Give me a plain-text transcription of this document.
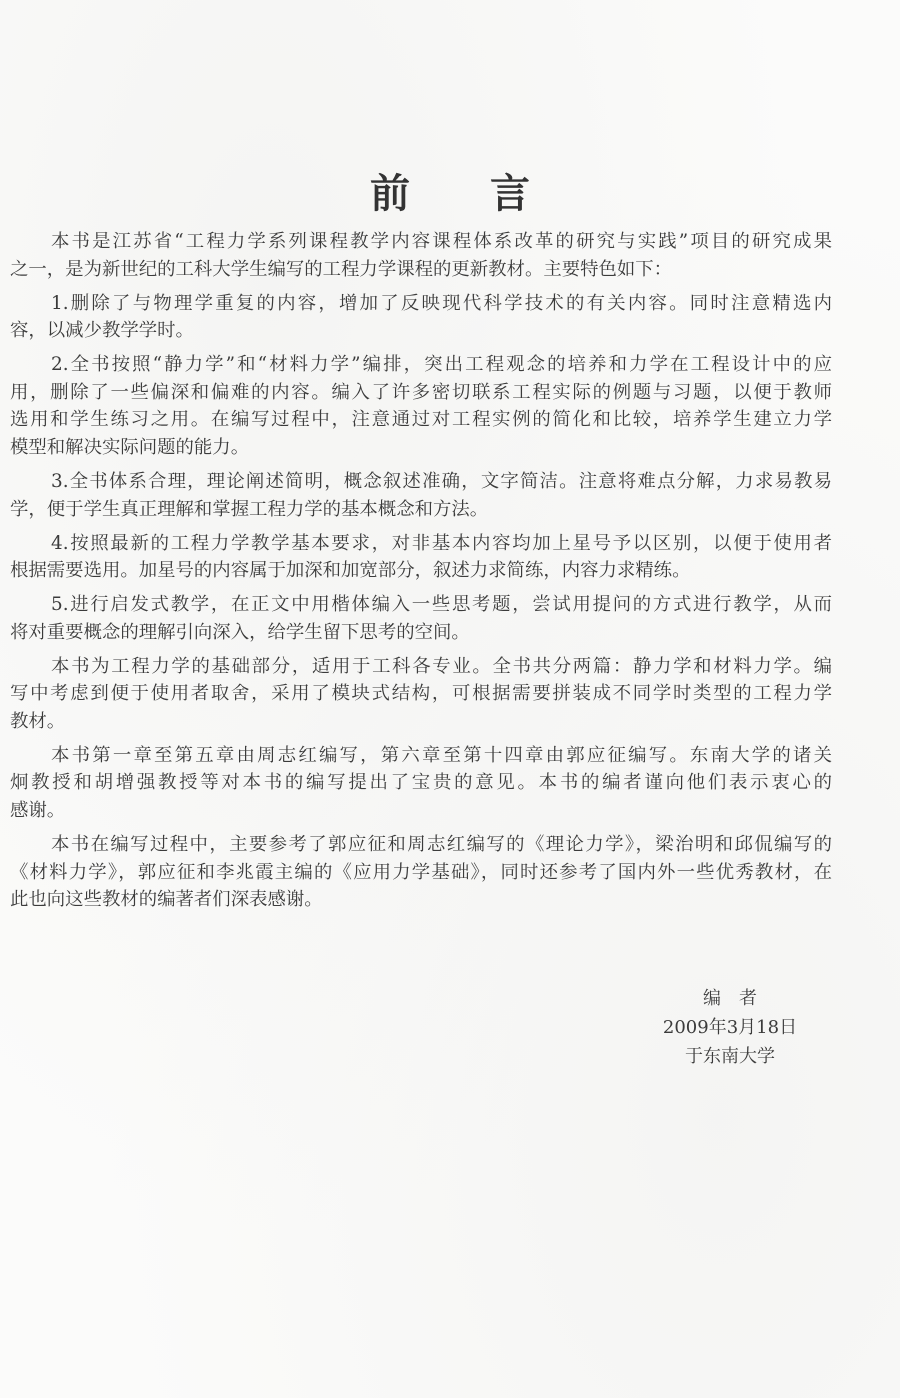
前 言
本书是江苏省“工程力学系列课程教学内容课程体系改革的研究与实践”项目的研究成果
之一，是为新世纪的工科大学生编写的工程力学课程的更新教材。主要特色如下：
1.删除了与物理学重复的内容，增加了反映现代科学技术的有关内容。同时注意精选内
容，以减少教学学时。
2.全书按照“静力学”和“材料力学”编排，突出工程观念的培养和力学在工程设计中的应
用，删除了一些偏深和偏难的内容。编入了许多密切联系工程实际的例题与习题，以便于教师
选用和学生练习之用。在编写过程中，注意通过对工程实例的简化和比较，培养学生建立力学
模型和解决实际问题的能力。
3.全书体系合理，理论阐述简明，概念叙述准确，文字简洁。注意将难点分解，力求易教易
学，便于学生真正理解和掌握工程力学的基本概念和方法。
4.按照最新的工程力学教学基本要求，对非基本内容均加上星号予以区别，以便于使用者
根据需要选用。加星号的内容属于加深和加宽部分，叙述力求简练，内容力求精练。
5.进行启发式教学，在正文中用楷体编入一些思考题，尝试用提问的方式进行教学，从而
将对重要概念的理解引向深入，给学生留下思考的空间。
本书为工程力学的基础部分，适用于工科各专业。全书共分两篇：静力学和材料力学。编
写中考虑到便于使用者取舍，采用了模块式结构，可根据需要拼装成不同学时类型的工程力学
教材。
本书第一章至第五章由周志红编写，第六章至第十四章由郭应征编写。东南大学的诸关
炯教授和胡增强教授等对本书的编写提出了宝贵的意见。本书的编者谨向他们表示衷心的
感谢。
本书在编写过程中，主要参考了郭应征和周志红编写的《理论力学》，梁治明和邱侃编写的
《材料力学》，郭应征和李兆霞主编的《应用力学基础》，同时还参考了国内外一些优秀教材，在
此也向这些教材的编著者们深表感谢。
编者
2009年3月18日
于东南大学
